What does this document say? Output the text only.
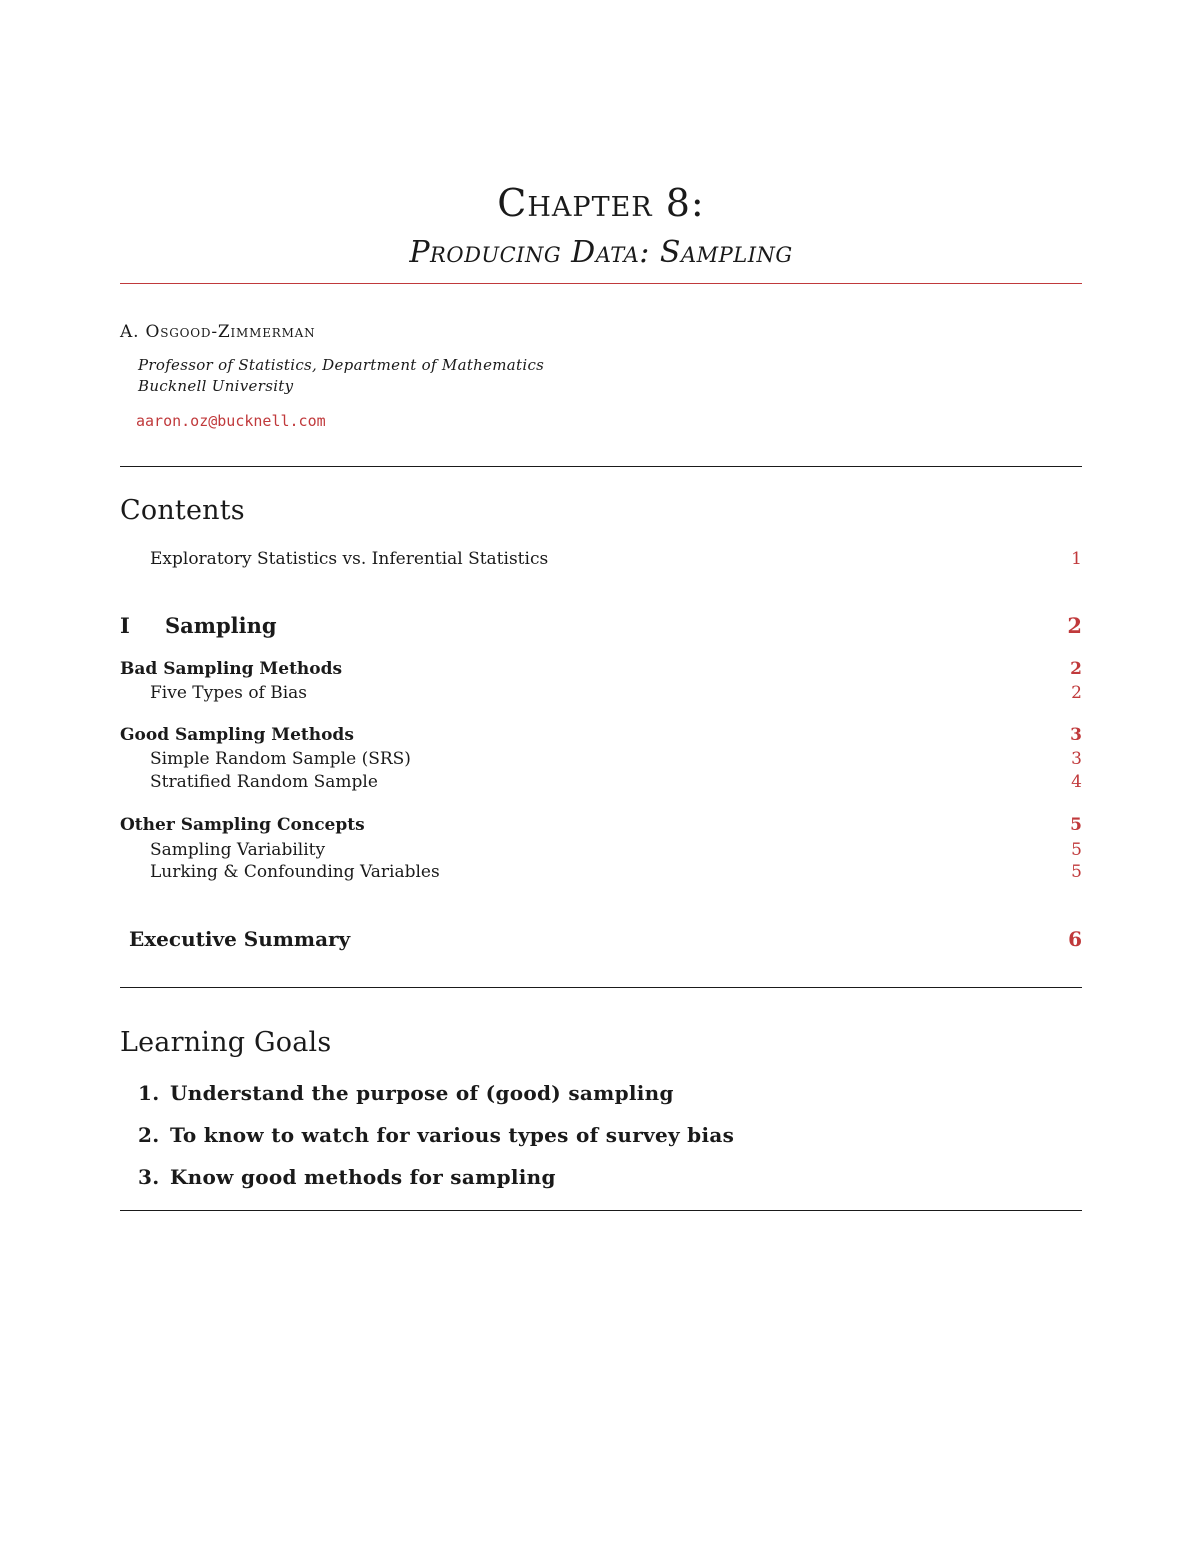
Chapter 8:
Producing Data: Sampling
A. Osgood-Zimmerman
Professor of Statistics, Department of Mathematics
Bucknell University
aaron.oz@bucknell.com
Contents
Exploratory Statistics vs. Inferential Statistics	1
I Sampling	2
Bad Sampling Methods	2
Five Types of Bias	2
Good Sampling Methods	3
Simple Random Sample (SRS)	3
Stratified Random Sample	4
Other Sampling Concepts	5
Sampling Variability	5
Lurking & Confounding Variables	5
Executive Summary	6
Learning Goals
1. Understand the purpose of (good) sampling
2. To know to watch for various types of survey bias
3. Know good methods for sampling
